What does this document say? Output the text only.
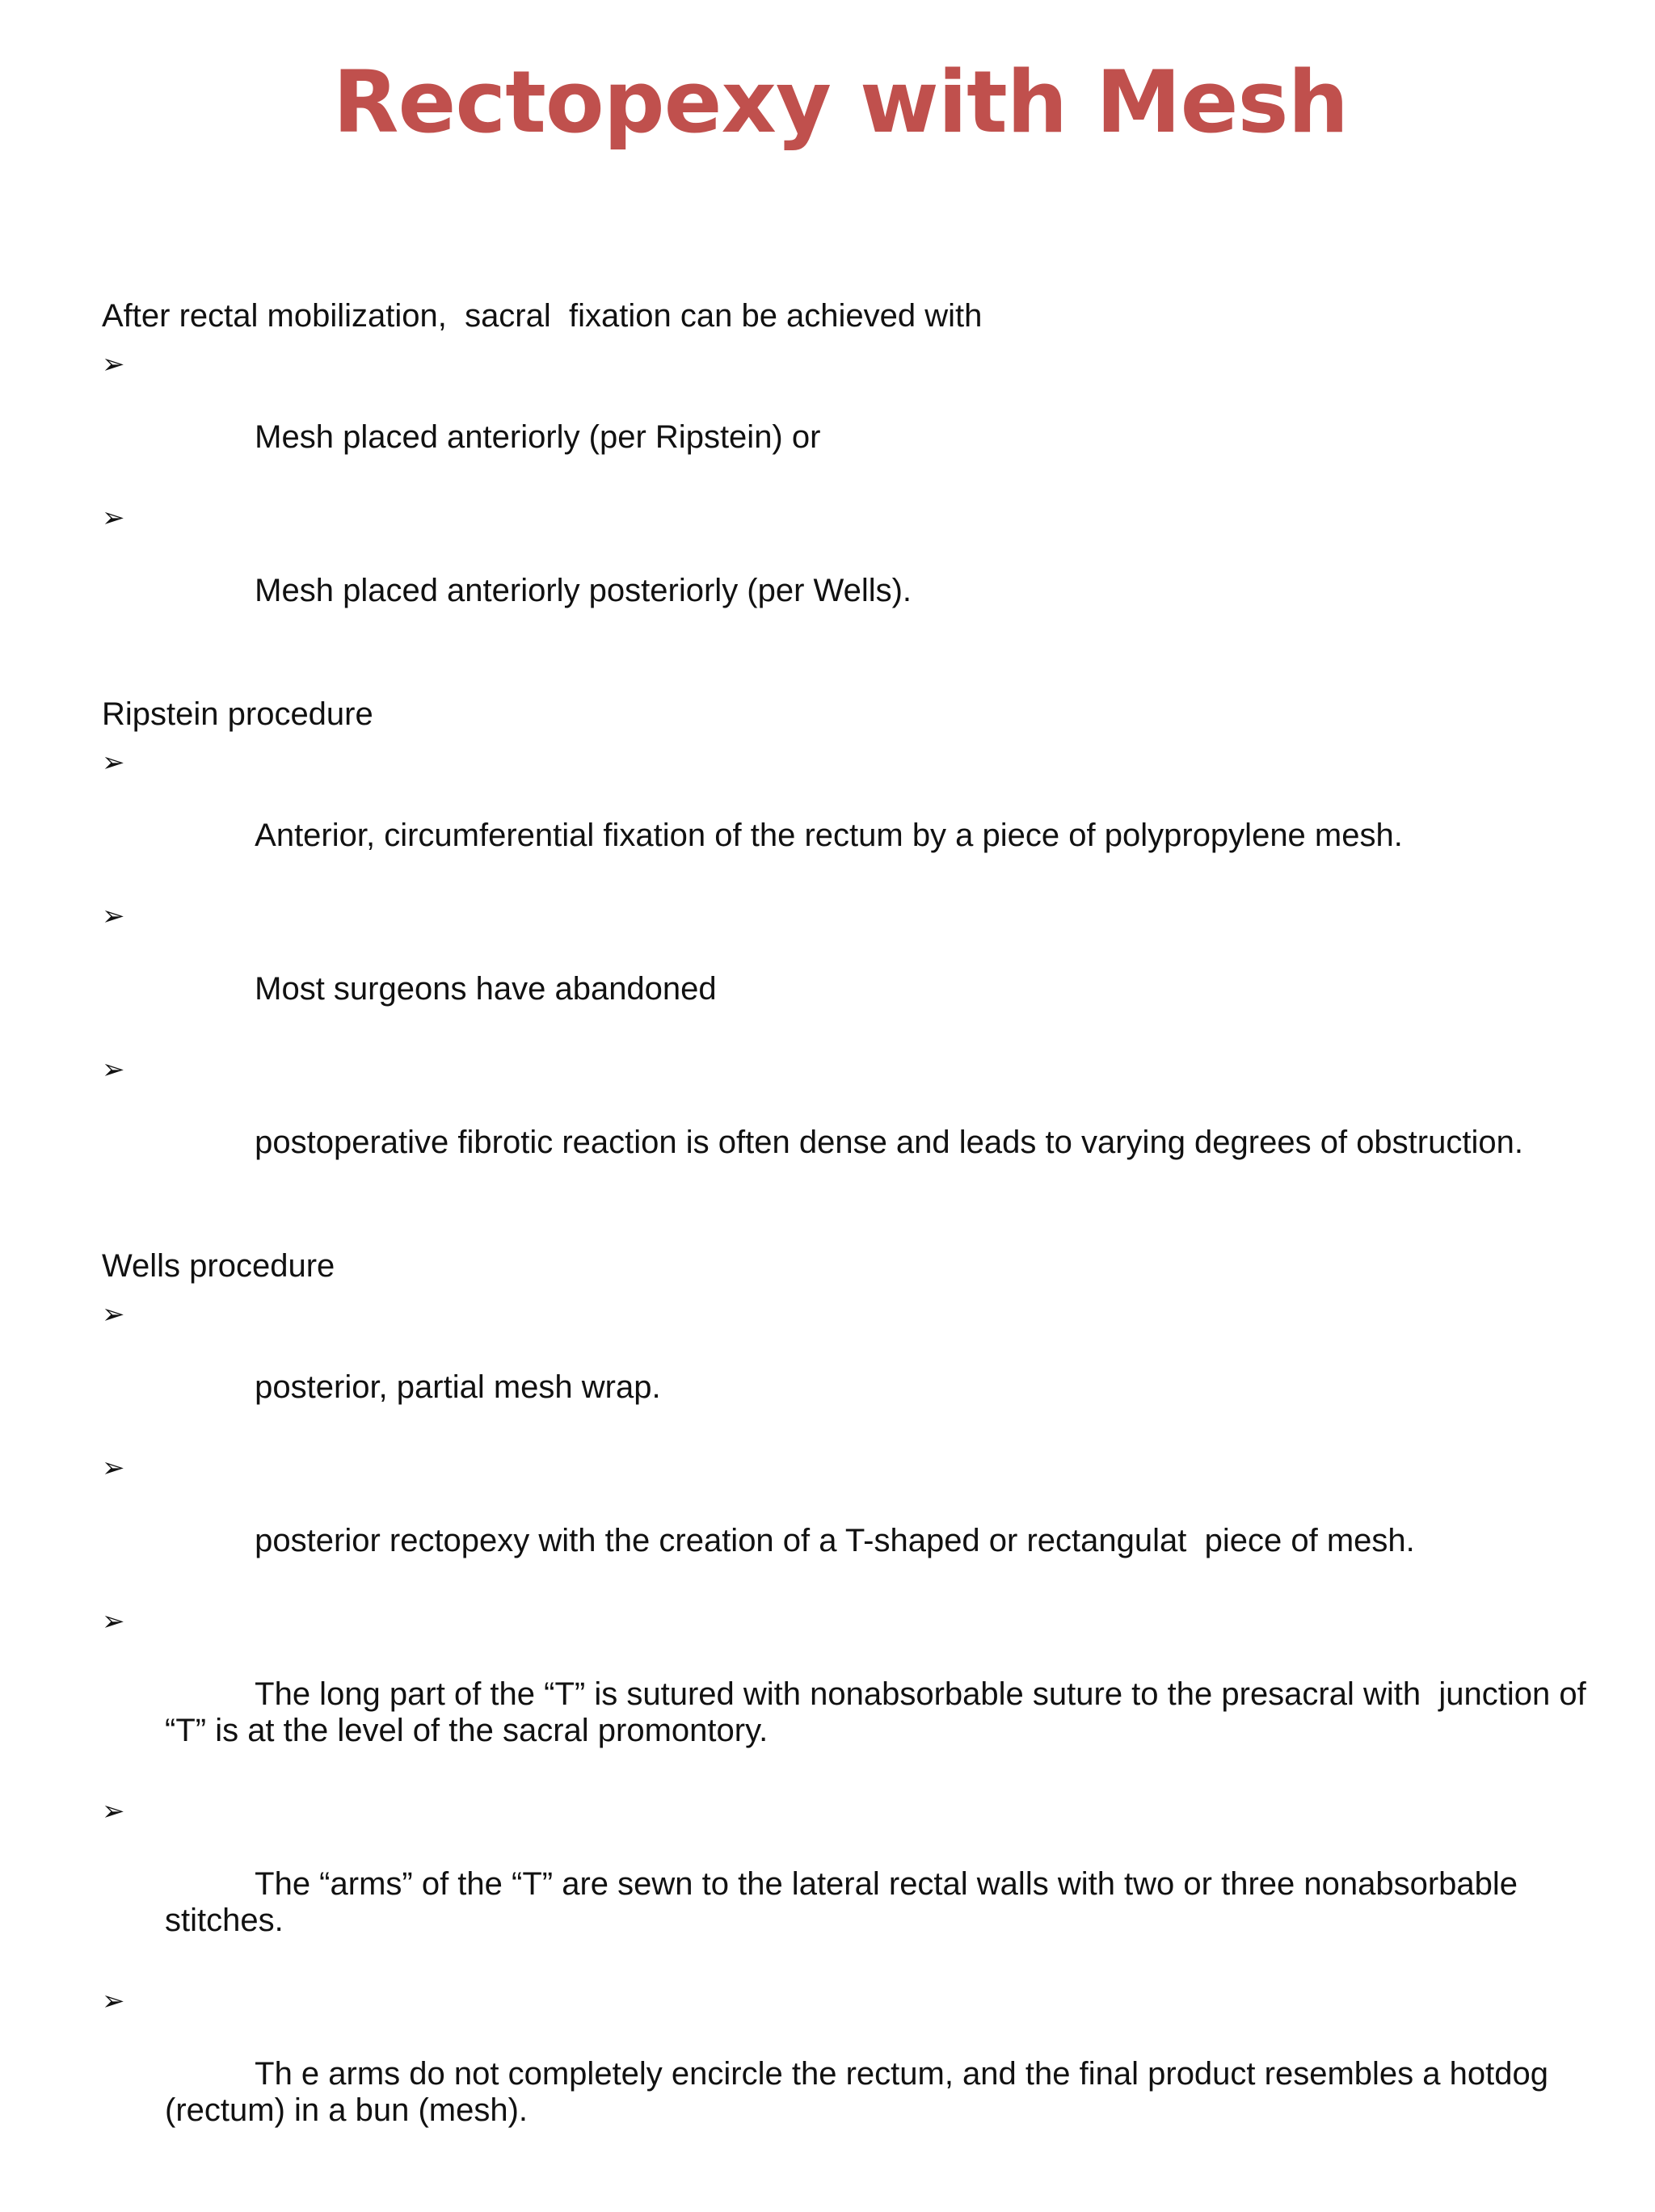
Rectopexy with Mesh
After rectal mobilization,  sacral  fixation can be achieved with

➢

Mesh placed anteriorly (per Ripstein) or

➢

Mesh placed anteriorly posteriorly (per Wells).

Ripstein procedure

➢

Anterior, circumferential fixation of the rectum by a piece of polypropylene mesh.

➢

Most surgeons have abandoned

➢

postoperative fibrotic reaction is often dense and leads to varying degrees of obstruction.

Wells procedure

➢

posterior, partial mesh wrap.

➢

posterior rectopexy with the creation of a T-shaped or rectangulat  piece of mesh.

➢

The long part of the “T” is sutured with nonabsorbable suture to the presacral with  junction of “T” is at the level of the sacral promontory.

➢

The “arms” of the “T” are sewn to the lateral rectal walls with two or three nonabsorbable stitches.

➢

Th e arms do not completely encircle the rectum, and the final product resembles a hotdog (rectum) in a bun (mesh).
